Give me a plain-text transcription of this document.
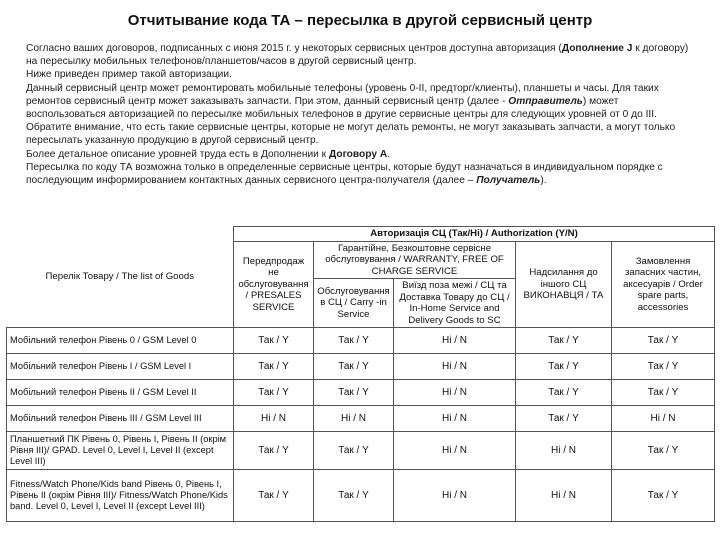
Отчитывание кода ТА – пересылка в другой сервисный центр

Согласно ваших договоров, подписанных с июня 2015 г. у некоторых сервисных центров доступна авторизация (Дополнение J к договору) на пересылку мобильных телефонов/планшетов/часов в другой сервисный центр.

Ниже приведен пример такой авторизации.

Данный сервисный центр может ремонтировать мобильные телефоны (уровень 0-II, предторг/клиенты), планшеты и часы. Для таких ремонтов сервисный центр может заказывать запчасти. При этом, данный сервисный центр (далее - Отправитель) может воспользоваться авторизацией по пересылке мобильных телефонов в другие сервисные центры для следующих уровней от 0 до III.

Обратите внимание, что есть такие сервисные центры, которые не могут делать ремонты, не могут заказывать запчасти, а могут только пересылать указанную продукцию в другой сервисный центр.

Более детальное описание уровней труда есть в Дополнении к Договору А.

Пересылка по коду ТА возможна только в определенные сервисные центры, которые будут назначаться в индивидуальном порядке с последующим информированием контактных данных сервисного центра-получателя (далее – Получатель).

Перелік Товару / The list of Goods	Авторизація СЦ (Так/Ні) / Authorization (Y/N)				
	Передпродаж не обслуговування / PRESALES SERVICE	Гарантійне, Безкоштовне сервісне обслуговування / WARRANTY, FREE OF CHARGE SERVICE		Надсилання до іншого СЦ ВИКОНАВЦЯ / ТА	Замовлення запасних частин, аксесуарів / Order spare parts, accessories
		Обслуговування в СЦ / Carry -in Service	Виїзд поза межі / СЦ та Доставка Товару до СЦ / In-Home Service and Delivery Goods to SC		
Мобільний телефон Рівень 0 / GSM Level 0	Так / Y	Так / Y	Ні / N	Так / Y	Так / Y
Мобільний телефон Рівень I / GSM Level I	Так / Y	Так / Y	Ні / N	Так / Y	Так / Y
Мобільний телефон Рівень II / GSM Level II	Так / Y	Так / Y	Ні / N	Так / Y	Так / Y
Мобільний телефон Рівень III / GSM Level III	Ні / N	Ні / N	Ні / N	Так / Y	Ні / N
Планшетний ПК Рівень 0, Рівень I, Рівень II (окрім Рівня III)/ GPAD. Level 0, Level I, Level II (except Level III)	Так / Y	Так / Y	Ні / N	Ні / N	Так / Y
Fitness/Watch Phone/Kids band Рівень 0, Рівень I, Рівень II (окрім Рівня III)/ Fitness/Watch Phone/Kids band. Level 0, Level I, Level II (except Level III)	Так / Y	Так / Y	Ні / N	Ні / N	Так / Y
